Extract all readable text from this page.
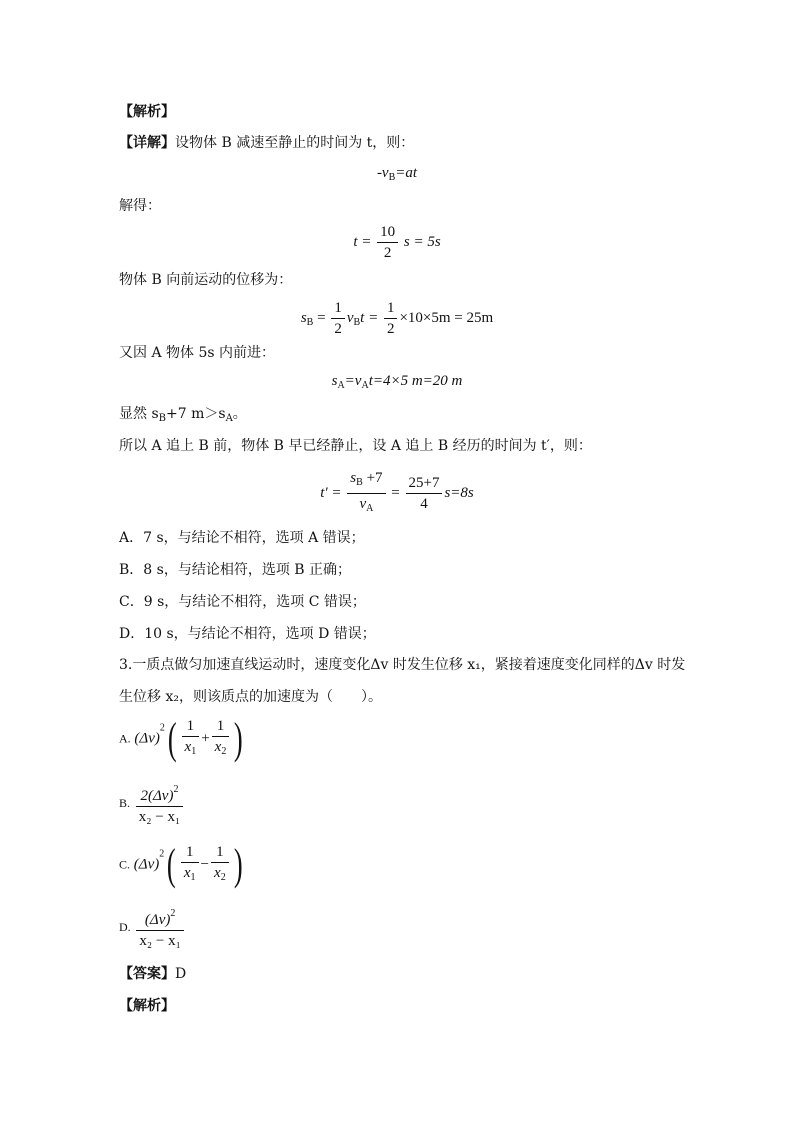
【解析】
【详解】设物体 B 减速至静止的时间为 t，则：
$-v_B=at$
解得：
$t = \frac{10}{2}$ s = 5s
物体 B 向前运动的位移为：
$s_B = \frac{1}{2} v_Bt = \frac{1}{2} \times 10\times 5m = 25m$
又因 A 物体 5s 内前进：
$s_A=v_At=4\times 5$ m=20 m
显然 $s_B+7$ $m>s_A$。
所以 A 追上 B 前，物体 B 早已经静止，设 A 追上 B 经历的时间为 t′，则：
$t' = \frac{s_B +7}{v_A} = \frac{25+7}{4} s=8s$
A．7 s，与结论不相符，选项 A 错误；
B．8 s，与结论相符，选项 B 正确；
C．9 s，与结论不相符，选项 C 错误；
D．10 s，与结论不相符，选项 D 错误；
3.一质点做匀加速直线运动时，速度变化Δv 时发生位移 x₁，紧接着速度变化同样的Δv 时发
生位移 x₂，则该质点的加速度为（　　）。
A. $(\Delta v)^2( \frac{1}{x_1} + \frac{1}{x_2}$ )
B. $\frac{2(\Delta v)^2}{\text{x₂ − x₁}}$
C. $(\Delta v)^2( \frac{1}{x_1} - \frac{1}{x_2}$ )
D. $\frac{(\Delta v)^2}{\text{x₂ − x₁}}$
【答案】D
【解析】
